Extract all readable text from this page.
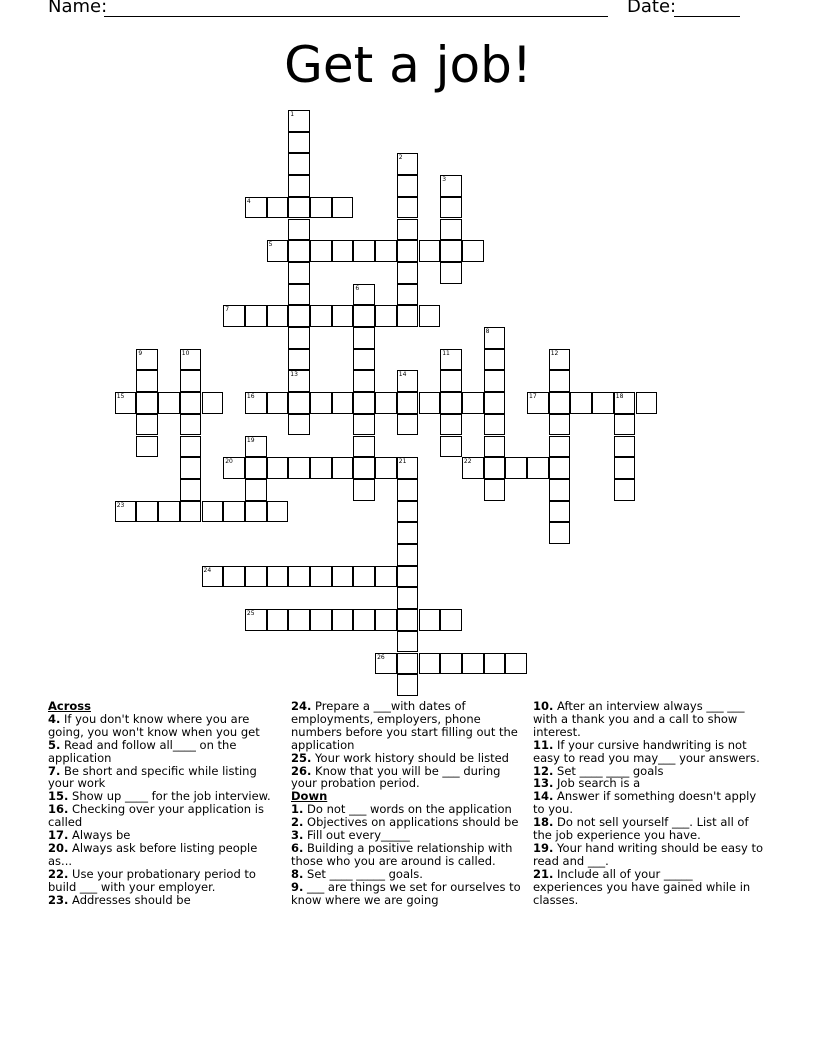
Name:	Date:
Get a job!
1
13
2
3
4
5
6
7
8
9	10	11	12
14
15	16	17	18
19
20	21	22
23
24
25
26

Across

4. If you don't know where you are going, you won't know when you get

5. Read and follow all____ on the application

7. Be short and specific while listing your work

15. Show up ____ for the job interview.

16. Checking over your application is called

17. Always be

20. Always ask before listing people as...

22. Use your probationary period to build ___ with your employer.

23. Addresses should be

24. Prepare a ___with dates of employments, employers, phone numbers before you start filling out the application

25. Your work history should be listed

26. Know that you will be ___ during your probation period.

Down

1. Do not ___ words on the application

2. Objectives on applications should be

3. Fill out every_____

6. Building a positive relationship with those who you are around is called.

8. Set ____ _____ goals.

9. ___ are things we set for ourselves to know where we are going

10. After an interview always ___ ___ with a thank you and a call to show interest.

11. If your cursive handwriting is not easy to read you may___ your answers.

12. Set ____ ____ goals

13. Job search is a

14. Answer if something doesn't apply to you.

18. Do not sell yourself ___. List all of the job experience you have.

19. Your hand writing should be easy to read and ___.

21. Include all of your _____ experiences you have gained while in classes.
